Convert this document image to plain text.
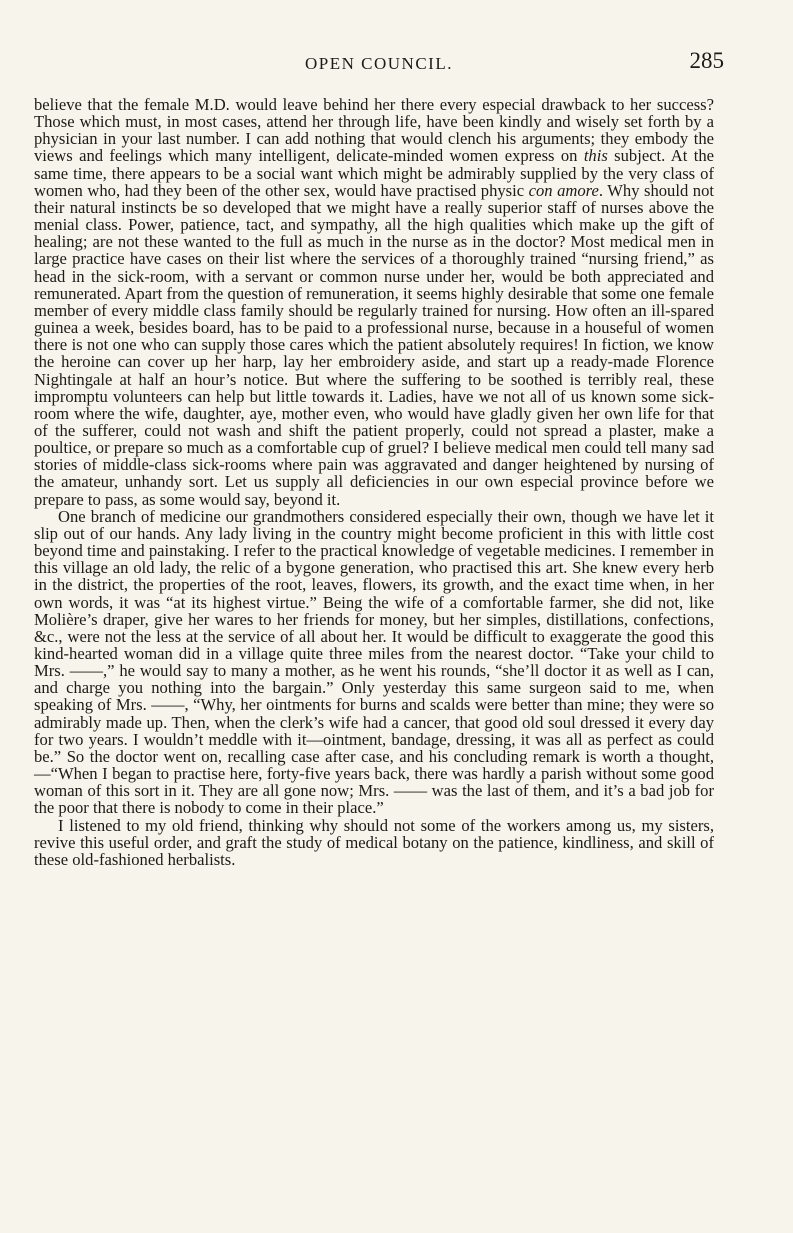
OPEN COUNCIL.	285

believe that the female M.D. would leave behind her there every especial drawback to her success? Those which must, in most cases, attend her through life, have been kindly and wisely set forth by a physician in your last number. I can add nothing that would clench his arguments; they embody the views and feelings which many intelligent, delicate-minded women express on this subject. At the same time, there appears to be a social want which might be admirably supplied by the very class of women who, had they been of the other sex, would have practised physic con amore. Why should not their natural instincts be so developed that we might have a really superior staff of nurses above the menial class. Power, patience, tact, and sympathy, all the high qualities which make up the gift of healing; are not these wanted to the full as much in the nurse as in the doctor? Most medical men in large practice have cases on their list where the services of a thoroughly trained “nursing friend,” as head in the sick-room, with a servant or common nurse under her, would be both appreciated and remunerated. Apart from the question of remuneration, it seems highly desirable that some one female member of every middle class family should be regularly trained for nursing. How often an ill-spared guinea a week, besides board, has to be paid to a professional nurse, because in a houseful of women there is not one who can supply those cares which the patient absolutely requires! In fiction, we know the heroine can cover up her harp, lay her embroidery aside, and start up a ready-made Florence Nightingale at half an hour’s notice. But where the suffering to be soothed is terribly real, these impromptu volunteers can help but little towards it. Ladies, have we not all of us known some sick-room where the wife, daughter, aye, mother even, who would have gladly given her own life for that of the sufferer, could not wash and shift the patient properly, could not spread a plaster, make a poultice, or prepare so much as a comfortable cup of gruel? I believe medical men could tell many sad stories of middle-class sick-rooms where pain was aggravated and danger heightened by nursing of the amateur, unhandy sort. Let us supply all deficiencies in our own especial province before we prepare to pass, as some would say, beyond it.

One branch of medicine our grandmothers considered especially their own, though we have let it slip out of our hands. Any lady living in the country might become proficient in this with little cost beyond time and painstaking. I refer to the practical knowledge of vegetable medicines. I remember in this village an old lady, the relic of a bygone generation, who practised this art. She knew every herb in the district, the properties of the root, leaves, flowers, its growth, and the exact time when, in her own words, it was “at its highest virtue.” Being the wife of a comfortable farmer, she did not, like Molière’s draper, give her wares to her friends for money, but her simples, distillations, confections, &c., were not the less at the service of all about her. It would be difficult to exaggerate the good this kind-hearted woman did in a village quite three miles from the nearest doctor. “Take your child to Mrs. ——,” he would say to many a mother, as he went his rounds, “she’ll doctor it as well as I can, and charge you nothing into the bargain.” Only yesterday this same surgeon said to me, when speaking of Mrs. ——, “Why, her ointments for burns and scalds were better than mine; they were so admirably made up. Then, when the clerk’s wife had a cancer, that good old soul dressed it every day for two years. I wouldn’t meddle with it—ointment, bandage, dressing, it was all as perfect as could be.” So the doctor went on, recalling case after case, and his concluding remark is worth a thought,—“When I began to practise here, forty-five years back, there was hardly a parish without some good woman of this sort in it. They are all gone now; Mrs. —— was the last of them, and it’s a bad job for the poor that there is nobody to come in their place.”

I listened to my old friend, thinking why should not some of the workers among us, my sisters, revive this useful order, and graft the study of medical botany on the patience, kindliness, and skill of these old-fashioned herbalists.
